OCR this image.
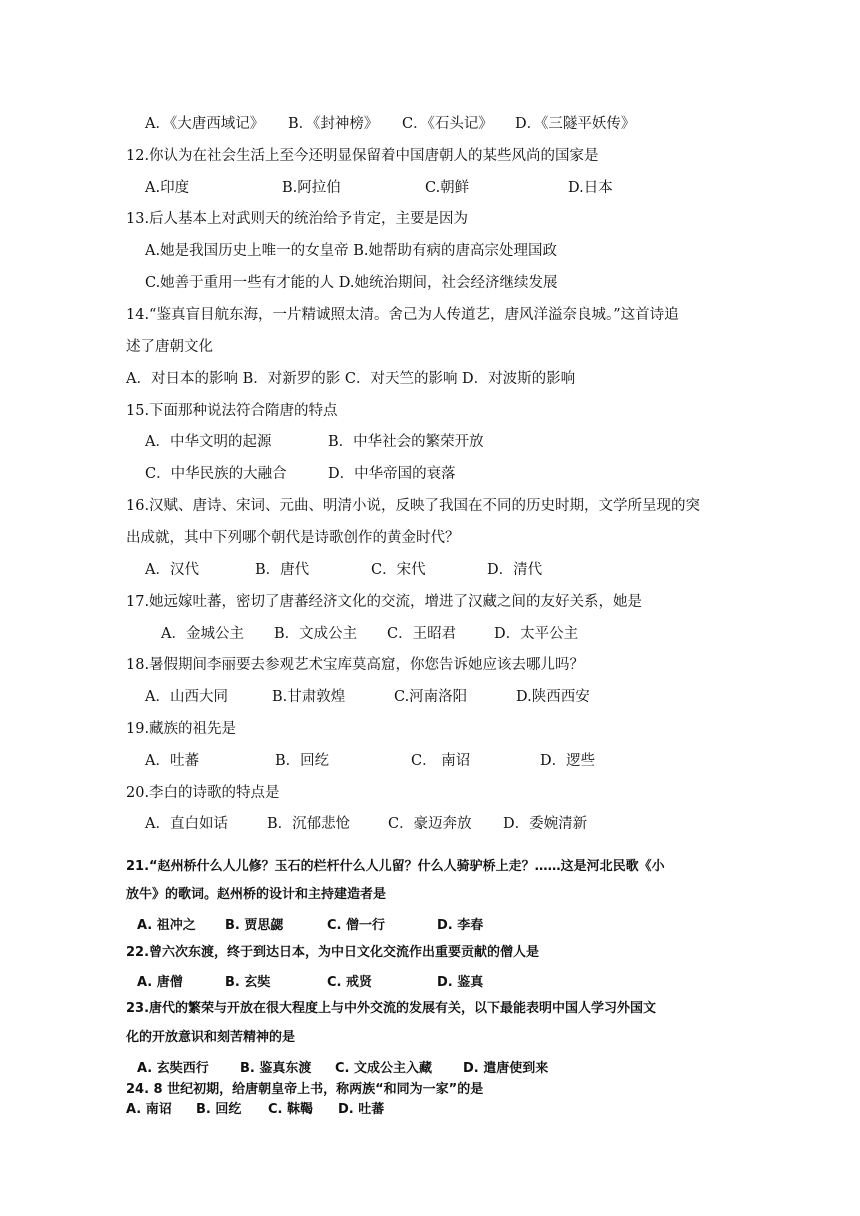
A．《大唐西域记》 B．《封神榜》 C．《石头记》 D．《三隧平妖传》
12.你认为在社会生活上至今还明显保留着中国唐朝人的某些风尚的国家是
A.印度	B.阿拉伯	C.朝鲜	D.日本
13.后人基本上对武则天的统治给予肯定，主要是因为
A.她是我国历史上唯一的女皇帝 B.她帮助有病的唐高宗处理国政
C.她善于重用一些有才能的人 D.她统治期间，社会经济继续发展
14.“鉴真盲目航东海，一片精诚照太清。舍己为人传道艺，唐风洋溢奈良城。”这首诗追
述了唐朝文化
A．对日本的影响 B．对新罗的影 C．对天竺的影响 D．对波斯的影响
15.下面那种说法符合隋唐的特点
A．中华文明的起源	B．中华社会的繁荣开放
C．中华民族的大融合	D．中华帝国的衰落
16.汉赋、唐诗、宋词、元曲、明清小说，反映了我国在不同的历史时期，文学所呈现的突
出成就，其中下列哪个朝代是诗歌创作的黄金时代？
A．汉代	B．唐代	C．宋代	D．清代
17.她远嫁吐蕃，密切了唐蕃经济文化的交流，增进了汉藏之间的友好关系，她是
A．金城公主 B．文成公主 C．王昭君	D．太平公主
18.暑假期间李丽要去参观艺术宝库莫高窟，你您告诉她应该去哪儿吗？
A．山西大同	B.甘肃敦煌	C.河南洛阳	D.陕西西安
19.藏族的祖先是
A．吐蕃	B．回纥	C． 南诏	D．逻些
20.李白的诗歌的特点是
A．直白如话	B．沉郁悲怆	C．豪迈奔放 D．委婉清新
21.“赵州桥什么人儿修？玉石的栏杆什么人儿留？什么人骑驴桥上走？……这是河北民歌《小
放牛》的歌词。赵州桥的设计和主持建造者是
A. 祖冲之 B. 贾思勰	C. 僧一行	D. 李春
22.曾六次东渡，终于到达日本，为中日文化交流作出重要贡献的僧人是
A. 唐僧	B. 玄奘	C. 戒贤	D. 鉴真
23.唐代的繁荣与开放在很大程度上与中外交流的发展有关，以下最能表明中国人学习外国文
化的开放意识和刻苦精神的是
A. 玄奘西行 B. 鉴真东渡 C. 文成公主入藏 D. 遣唐使到来
24. 8 世纪初期，给唐朝皇帝上书，称两族“和同为一家”的是
A. 南诏 B. 回纥 C. 靺鞨 D. 吐蕃
